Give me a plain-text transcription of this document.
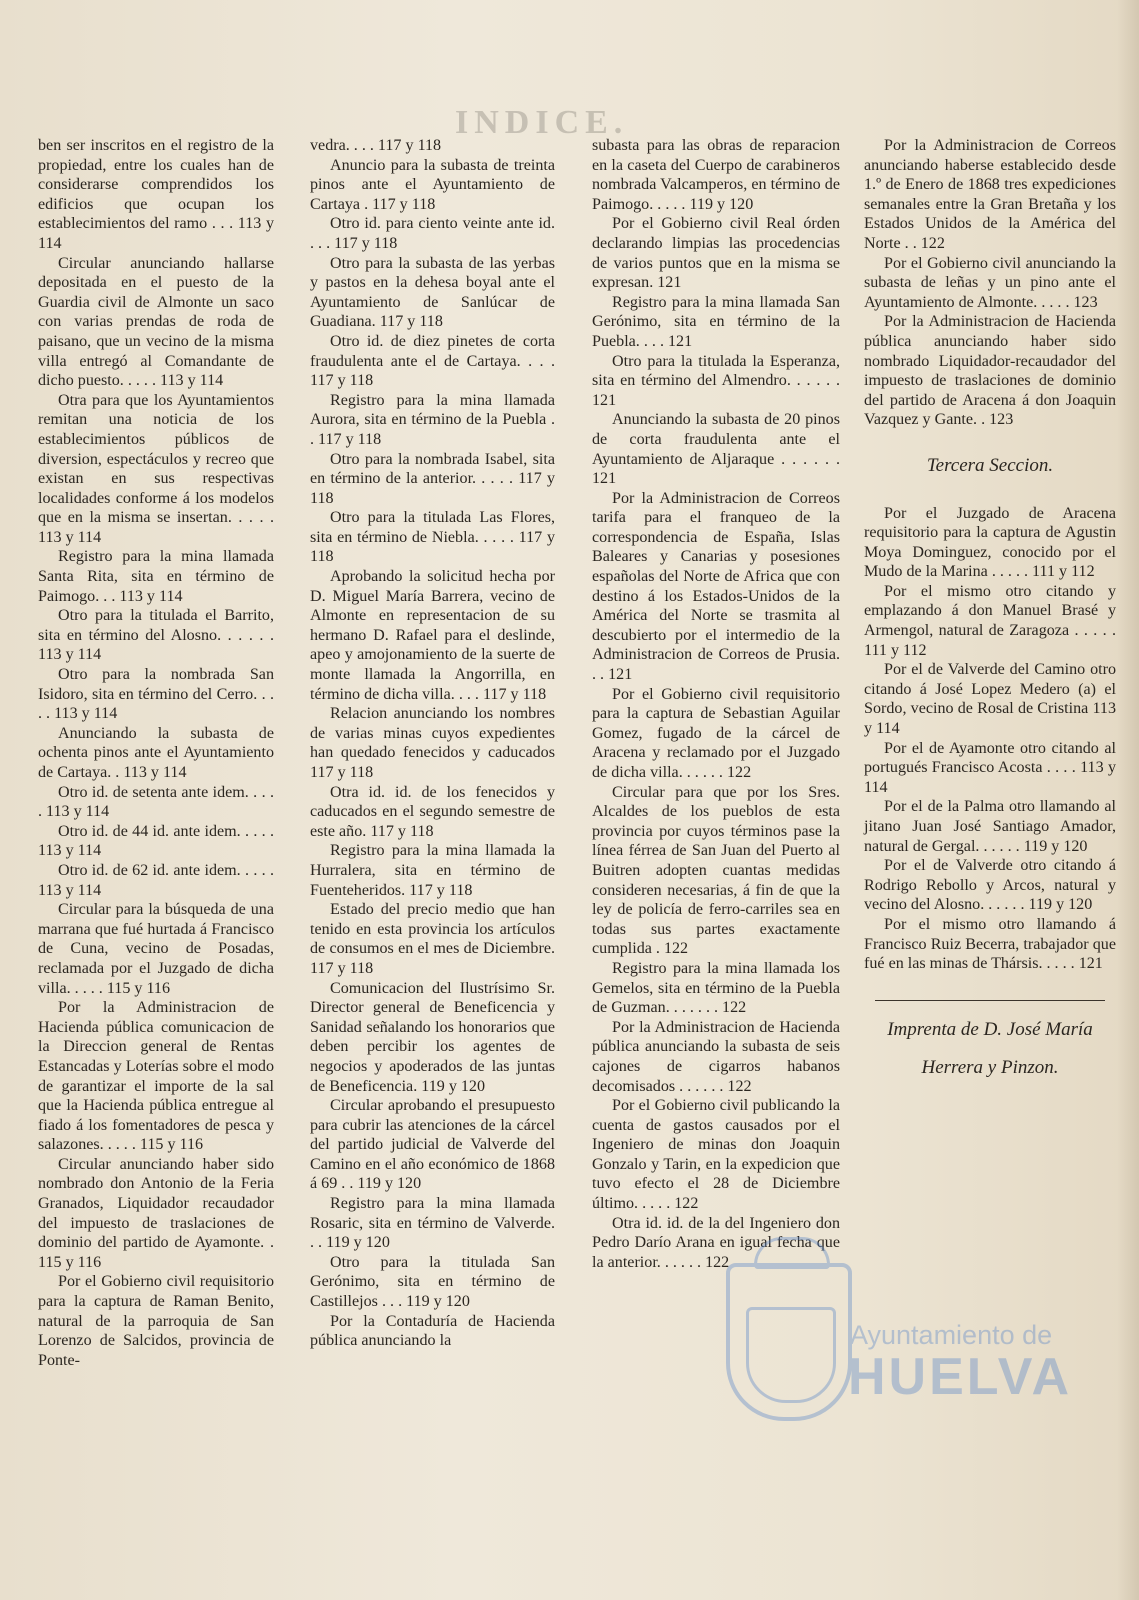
INDICE.

ben ser inscritos en el registro de la propiedad, entre los cuales han de considerarse comprendidos los edificios que ocupan los establecimientos del ramo . . . 113 y 114

Circular anunciando hallarse depositada en el puesto de la Guardia civil de Almonte un saco con varias prendas de roda de paisano, que un vecino de la misma villa entregó al Comandante de dicho puesto. . . . . 113 y 114

Otra para que los Ayuntamientos remitan una noticia de los establecimientos públicos de diversion, espectáculos y recreo que existan en sus respectivas localidades conforme á los modelos que en la misma se insertan. . . . . 113 y 114

Registro para la mina llamada Santa Rita, sita en término de Paimogo. . . 113 y 114

Otro para la titulada el Barrito, sita en término del Alosno. . . . . . 113 y 114

Otro para la nombrada San Isidoro, sita en término del Cerro. . . . . 113 y 114

Anunciando la subasta de ochenta pinos ante el Ayuntamiento de Cartaya. . 113 y 114

Otro id. de setenta ante idem. . . . . 113 y 114

Otro id. de 44 id. ante idem. . . . . 113 y 114

Otro id. de 62 id. ante idem. . . . . 113 y 114

Circular para la búsqueda de una marrana que fué hurtada á Francisco de Cuna, vecino de Posadas, reclamada por el Juzgado de dicha villa. . . . . 115 y 116

Por la Administracion de Hacienda pública comunicacion de la Direccion general de Rentas Estancadas y Loterías sobre el modo de garantizar el importe de la sal que la Hacienda pública entregue al fiado á los fomentadores de pesca y salazones. . . . . 115 y 116

Circular anunciando haber sido nombrado don Antonio de la Feria Granados, Liquidador recaudador del impuesto de traslaciones de dominio del partido de Ayamonte. . 115 y 116

Por el Gobierno civil requisitorio para la captura de Raman Benito, natural de la parroquia de San Lorenzo de Salcidos, provincia de Ponte-

vedra. . . . 117 y 118

Anuncio para la subasta de treinta pinos ante el Ayuntamiento de Cartaya . 117 y 118

Otro id. para ciento veinte ante id. . . . 117 y 118

Otro para la subasta de las yerbas y pastos en la dehesa boyal ante el Ayuntamiento de Sanlúcar de Guadiana. 117 y 118

Otro id. de diez pinetes de corta fraudulenta ante el de Cartaya. . . . 117 y 118

Registro para la mina llamada Aurora, sita en término de la Puebla . . 117 y 118

Otro para la nombrada Isabel, sita en término de la anterior. . . . . 117 y 118

Otro para la titulada Las Flores, sita en término de Niebla. . . . . 117 y 118

Aprobando la solicitud hecha por D. Miguel María Barrera, vecino de Almonte en representacion de su hermano D. Rafael para el deslinde, apeo y amojonamiento de la suerte de monte llamada la Angorrilla, en término de dicha villa. . . . 117 y 118

Relacion anunciando los nombres de varias minas cuyos expedientes han quedado fenecidos y caducados 117 y 118

Otra id. id. de los fenecidos y caducados en el segundo semestre de este año. 117 y 118

Registro para la mina llamada la Hurralera, sita en término de Fuenteheridos. 117 y 118

Estado del precio medio que han tenido en esta provincia los artículos de consumos en el mes de Diciembre. 117 y 118

Comunicacion del Ilustrísimo Sr. Director general de Beneficencia y Sanidad señalando los honorarios que deben percibir los agentes de negocios y apoderados de las juntas de Beneficencia. 119 y 120

Circular aprobando el presupuesto para cubrir las atenciones de la cárcel del partido judicial de Valverde del Camino en el año económico de 1868 á 69 . . 119 y 120

Registro para la mina llamada Rosaric, sita en término de Valverde. . . 119 y 120

Otro para la titulada San Gerónimo, sita en término de Castillejos . . . 119 y 120

Por la Contaduría de Hacienda pública anunciando la

subasta para las obras de reparacion en la caseta del Cuerpo de carabineros nombrada Valcamperos, en término de Paimogo. . . . . 119 y 120

Por el Gobierno civil Real órden declarando limpias las procedencias de varios puntos que en la misma se expresan. 121

Registro para la mina llamada San Gerónimo, sita en término de la Puebla. . . . 121

Otro para la titulada la Esperanza, sita en término del Almendro. . . . . . 121

Anunciando la subasta de 20 pinos de corta fraudulenta ante el Ayuntamiento de Aljaraque . . . . . . 121

Por la Administracion de Correos tarifa para el franqueo de la correspondencia de España, Islas Baleares y Canarias y posesiones españolas del Norte de Africa que con destino á los Estados-Unidos de la América del Norte se trasmita al descubierto por el intermedio de la Administracion de Correos de Prusia. . . 121

Por el Gobierno civil requisitorio para la captura de Sebastian Aguilar Gomez, fugado de la cárcel de Aracena y reclamado por el Juzgado de dicha villa. . . . . . 122

Circular para que por los Sres. Alcaldes de los pueblos de esta provincia por cuyos términos pase la línea férrea de San Juan del Puerto al Buitren adopten cuantas medidas consideren necesarias, á fin de que la ley de policía de ferro-carriles sea en todas sus partes exactamente cumplida . 122

Registro para la mina llamada los Gemelos, sita en término de la Puebla de Guzman. . . . . . . 122

Por la Administracion de Hacienda pública anunciando la subasta de seis cajones de cigarros habanos decomisados . . . . . . 122

Por el Gobierno civil publicando la cuenta de gastos causados por el Ingeniero de minas don Joaquin Gonzalo y Tarin, en la expedicion que tuvo efecto el 28 de Diciembre último. . . . . 122

Otra id. id. de la del Ingeniero don Pedro Darío Arana en igual fecha que la anterior. . . . . . 122

Por la Administracion de Correos anunciando haberse establecido desde 1.º de Enero de 1868 tres expediciones semanales entre la Gran Bretaña y los Estados Unidos de la América del Norte . . 122

Por el Gobierno civil anunciando la subasta de leñas y un pino ante el Ayuntamiento de Almonte. . . . . 123

Por la Administracion de Hacienda pública anunciando haber sido nombrado Liquidador-recaudador del impuesto de traslaciones de dominio del partido de Aracena á don Joaquin Vazquez y Gante. . 123

Tercera Seccion.

Por el Juzgado de Aracena requisitorio para la captura de Agustin Moya Dominguez, conocido por el Mudo de la Marina . . . . . 111 y 112

Por el mismo otro citando y emplazando á don Manuel Brasé y Armengol, natural de Zaragoza . . . . . 111 y 112

Por el de Valverde del Camino otro citando á José Lopez Medero (a) el Sordo, vecino de Rosal de Cristina 113 y 114

Por el de Ayamonte otro citando al portugués Francisco Acosta . . . . 113 y 114

Por el de la Palma otro llamando al jitano Juan José Santiago Amador, natural de Gergal. . . . . . 119 y 120

Por el de Valverde otro citando á Rodrigo Rebollo y Arcos, natural y vecino del Alosno. . . . . . 119 y 120

Por el mismo otro llamando á Francisco Ruiz Becerra, trabajador que fué en las minas de Thársis. . . . . 121

Imprenta de D. José María
Herrera y Pinzon.
Ayuntamiento de
HUELVA
